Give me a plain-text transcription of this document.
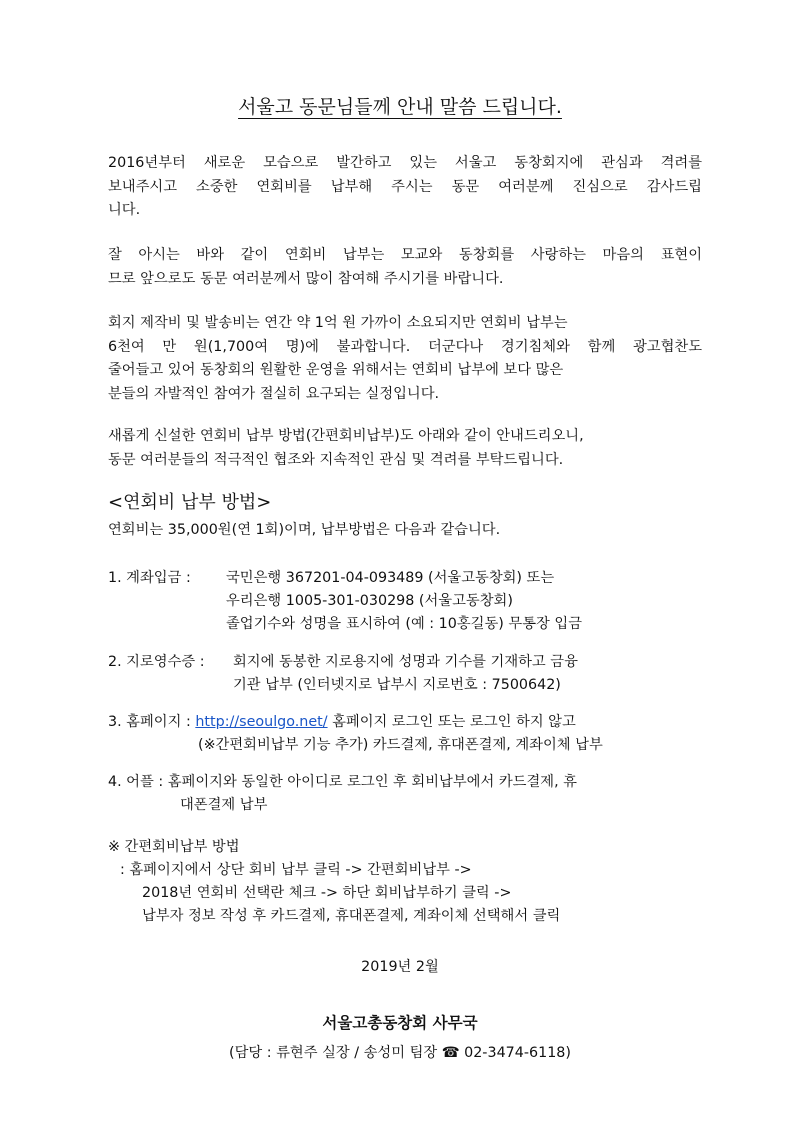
서울고 동문님들께 안내 말씀 드립니다.
2016년부터 새로운 모습으로 발간하고 있는 서울고 동창회지에 관심과 격려를
보내주시고 소중한 연회비를 납부해 주시는 동문 여러분께 진심으로 감사드립
니다.
잘 아시는 바와 같이 연회비 납부는 모교와 동창회를 사랑하는 마음의 표현이
므로 앞으로도 동문 여러분께서 많이 참여해 주시기를 바랍니다.
회지 제작비 및 발송비는 연간 약 1억 원 가까이 소요되지만 연회비 납부는
6천여 만 원(1,700여 명)에 불과합니다. 더군다나 경기침체와 함께 광고협찬도
줄어들고 있어 동창회의 원활한 운영을 위해서는 연회비 납부에 보다 많은
분들의 자발적인 참여가 절실히 요구되는 실정입니다.
새롭게 신설한 연회비 납부 방법(간편회비납부)도 아래와 같이 안내드리오니,
동문 여러분들의 적극적인 협조와 지속적인 관심 및 격려를 부탁드립니다.
<연회비 납부 방법>
연회비는 35,000원(연 1회)이며, 납부방법은 다음과 같습니다.
1. 계좌입금 : 국민은행 367201-04-093489 (서울고동창회) 또는
우리은행 1005-301-030298 (서울고동창회)
졸업기수와 성명을 표시하여 (예 : 10홍길동) 무통장 입금
2. 지로영수증 : 회지에 동봉한 지로용지에 성명과 기수를 기재하고 금융
기관 납부 (인터넷지로 납부시 지로번호 : 7500642)
3. 홈페이지 : http://seoulgo.net/ 홈페이지 로그인 또는 로그인 하지 않고
(※간편회비납부 기능 추가) 카드결제, 휴대폰결제, 계좌이체 납부
4. 어플 : 홈페이지와 동일한 아이디로 로그인 후 회비납부에서 카드결제, 휴
대폰결제 납부
※ 간편회비납부 방법
: 홈페이지에서 상단 회비 납부 클릭 -> 간편회비납부 ->
2018년 연회비 선택란 체크 -> 하단 회비납부하기 클릭 ->
납부자 정보 작성 후 카드결제, 휴대폰결제, 계좌이체 선택해서 클릭
2019년 2월
서울고총동창회 사무국
(담당 : 류현주 실장 / 송성미 팀장 ☎ 02-3474-6118)
